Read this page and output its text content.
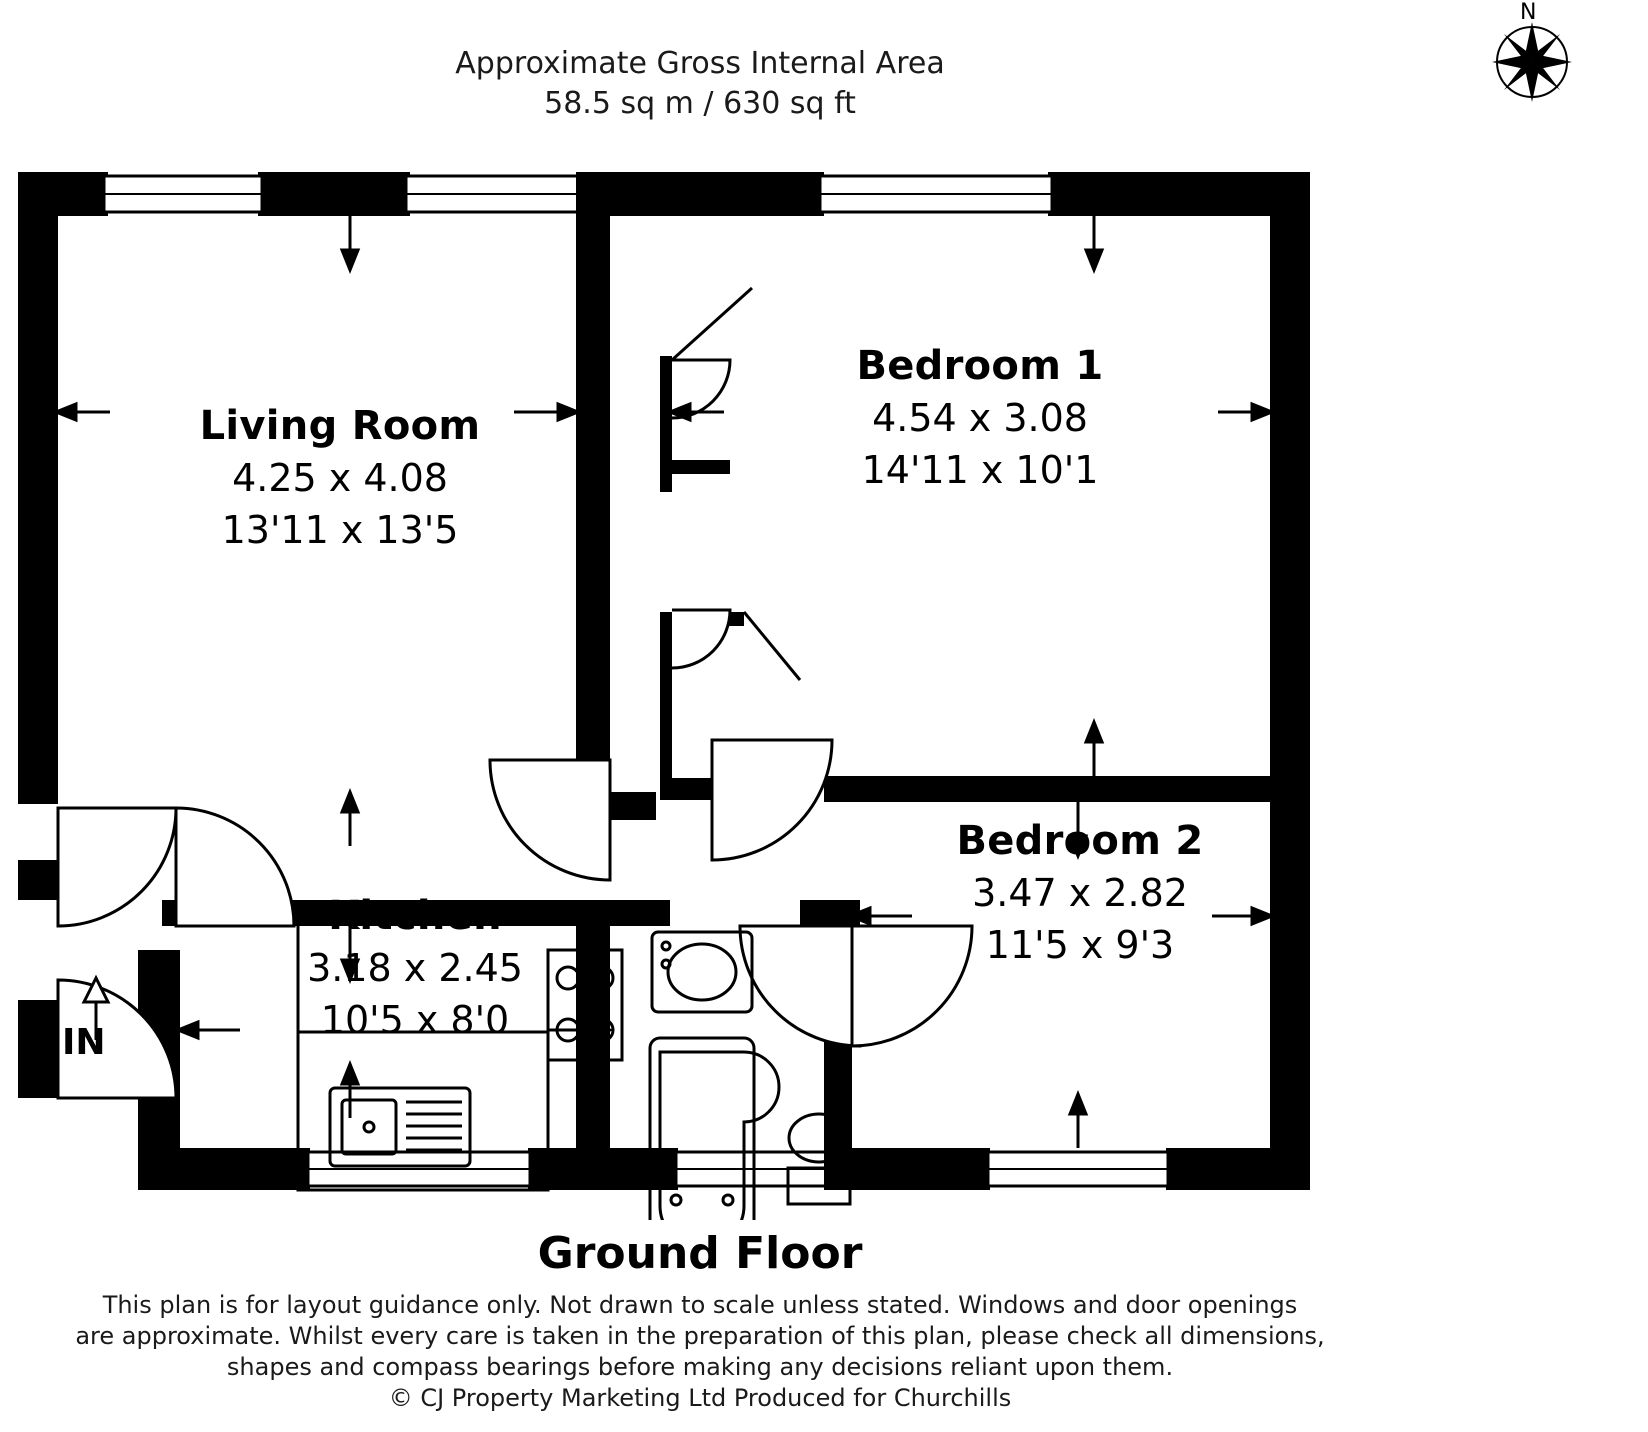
Approximate Gross Internal Area
58.5 sq m / 630 sq ft
N
Living Room
4.25 x 4.08
13'11 x 13'5
Bedroom 1
4.54 x 3.08
14'11 x 10'1
Bedroom 2
3.47 x 2.82
11'5 x 9'3
Kitchen
3.18 x 2.45
10'5 x 8'0
IN
Ground Floor
This plan is for layout guidance only. Not drawn to scale unless stated. Windows and door openings
are approximate. Whilst every care is taken in the preparation of this plan, please check all dimensions,
shapes and compass bearings before making any decisions reliant upon them.
© CJ Property Marketing Ltd Produced for Churchills
